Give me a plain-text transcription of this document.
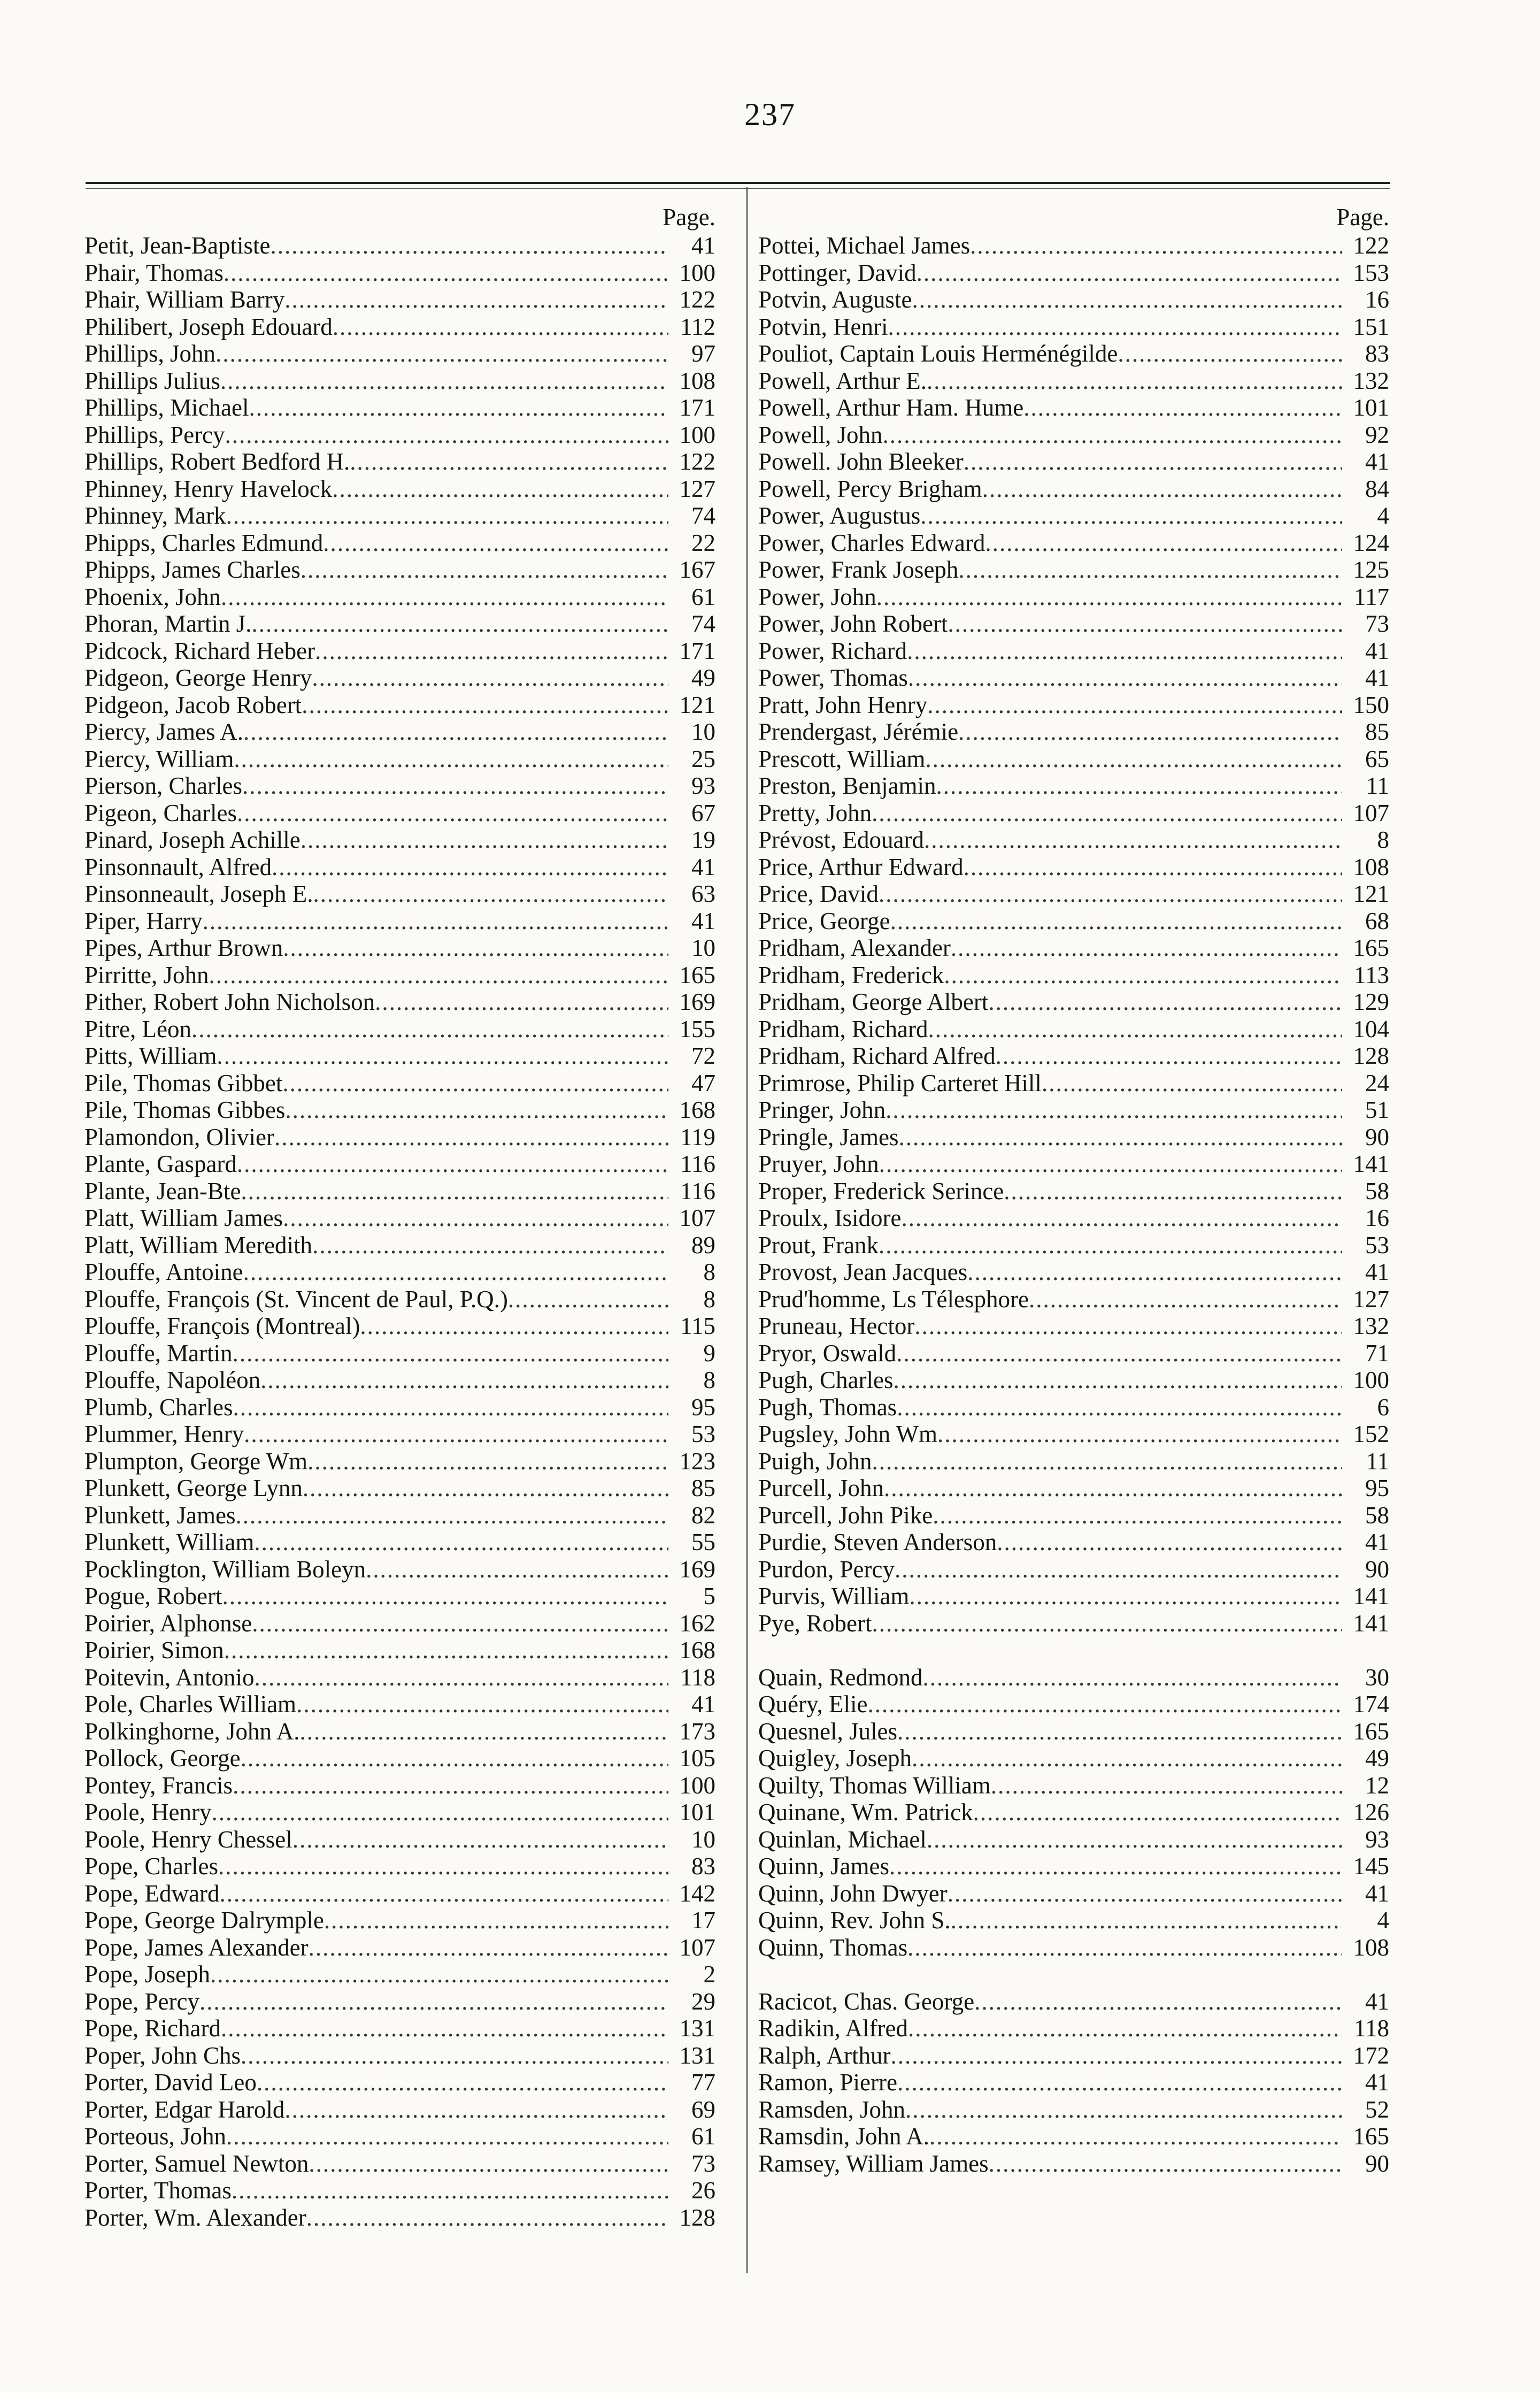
237
Page.
Petit, Jean-Baptiste .....	41
Phair, Thomas .....	100
Phair, William Barry .....	122
Philibert, Joseph Edouard .....	112
Phillips, John .....	97
Phillips Julius .....	108
Phillips, Michael .....	171
Phillips, Percy .....	100
Phillips, Robert Bedford H. .....	122
Phinney, Henry Havelock .....	127
Phinney, Mark .....	74
Phipps, Charles Edmund .....	22
Phipps, James Charles .....	167
Phoenix, John .....	61
Phoran, Martin J. .....	74
Pidcock, Richard Heber .....	171
Pidgeon, George Henry .....	49
Pidgeon, Jacob Robert .....	121
Piercy, James A. .....	10
Piercy, William .....	25
Pierson, Charles .....	93
Pigeon, Charles .....	67
Pinard, Joseph Achille .....	19
Pinsonnault, Alfred .....	41
Pinsonneault, Joseph E. .....	63
Piper, Harry .....	41
Pipes, Arthur Brown .....	10
Pirritte, John .....	165
Pither, Robert John Nicholson .....	169
Pitre, Léon .....	155
Pitts, William .....	72
Pile, Thomas Gibbet .....	47
Pile, Thomas Gibbes .....	168
Plamondon, Olivier .....	119
Plante, Gaspard .....	116
Plante, Jean-Bte .....	116
Platt, William James .....	107
Platt, William Meredith .....	89
Plouffe, Antoine .....	8
Plouffe, François (St. Vincent de Paul, P.Q.) .....	8
Plouffe, François (Montreal) .....	115
Plouffe, Martin .....	9
Plouffe, Napoléon .....	8
Plumb, Charles .....	95
Plummer, Henry .....	53
Plumpton, George Wm .....	123
Plunkett, George Lynn .....	85
Plunkett, James .....	82
Plunkett, William .....	55
Pocklington, William Boleyn .....	169
Pogue, Robert .....	5
Poirier, Alphonse .....	162
Poirier, Simon .....	168
Poitevin, Antonio .....	118
Pole, Charles William .....	41
Polkinghorne, John A. .....	173
Pollock, George .....	105
Pontey, Francis .....	100
Poole, Henry .....	101
Poole, Henry Chessel .....	10
Pope, Charles .....	83
Pope, Edward .....	142
Pope, George Dalrymple .....	17
Pope, James Alexander .....	107
Pope, Joseph .....	2
Pope, Percy .....	29
Pope, Richard .....	131
Poper, John Chs .....	131
Porter, David Leo .....	77
Porter, Edgar Harold .....	69
Porteous, John .....	61
Porter, Samuel Newton .....	73
Porter, Thomas .....	26
Porter, Wm. Alexander .....	128
Page.
Pottei, Michael James .....	122
Pottinger, David .....	153
Potvin, Auguste .....	16
Potvin, Henri .....	151
Pouliot, Captain Louis Herménégilde .....	83
Powell, Arthur E. .....	132
Powell, Arthur Ham. Hume .....	101
Powell, John .....	92
Powell. John Bleeker .....	41
Powell, Percy Brigham .....	84
Power, Augustus .....	4
Power, Charles Edward .....	124
Power, Frank Joseph .....	125
Power, John .....	117
Power, John Robert .....	73
Power, Richard .....	41
Power, Thomas .....	41
Pratt, John Henry .....	150
Prendergast, Jérémie .....	85
Prescott, William .....	65
Preston, Benjamin .....	11
Pretty, John .....	107
Prévost, Edouard .....	8
Price, Arthur Edward .....	108
Price, David .....	121
Price, George .....	68
Pridham, Alexander .....	165
Pridham, Frederick .....	113
Pridham, George Albert .....	129
Pridham, Richard .....	104
Pridham, Richard Alfred .....	128
Primrose, Philip Carteret Hill .....	24
Pringer, John .....	51
Pringle, James .....	90
Pruyer, John .....	141
Proper, Frederick Serince .....	58
Proulx, Isidore .....	16
Prout, Frank .....	53
Provost, Jean Jacques .....	41
Prud'homme, Ls Télesphore .....	127
Pruneau, Hector .....	132
Pryor, Oswald .....	71
Pugh, Charles .....	100
Pugh, Thomas .....	6
Pugsley, John Wm .....	152
Puigh, John .....	11
Purcell, John .....	95
Purcell, John Pike .....	58
Purdie, Steven Anderson .....	41
Purdon, Percy .....	90
Purvis, William .....	141
Pye, Robert .....	141
Quain, Redmond .....	30
Quéry, Elie .....	174
Quesnel, Jules .....	165
Quigley, Joseph .....	49
Quilty, Thomas William .....	12
Quinane, Wm. Patrick .....	126
Quinlan, Michael .....	93
Quinn, James .....	145
Quinn, John Dwyer .....	41
Quinn, Rev. John S. .....	4
Quinn, Thomas .....	108
Racicot, Chas. George .....	41
Radikin, Alfred .....	118
Ralph, Arthur .....	172
Ramon, Pierre .....	41
Ramsden, John .....	52
Ramsdin, John A. .....	165
Ramsey, William James .....	90
